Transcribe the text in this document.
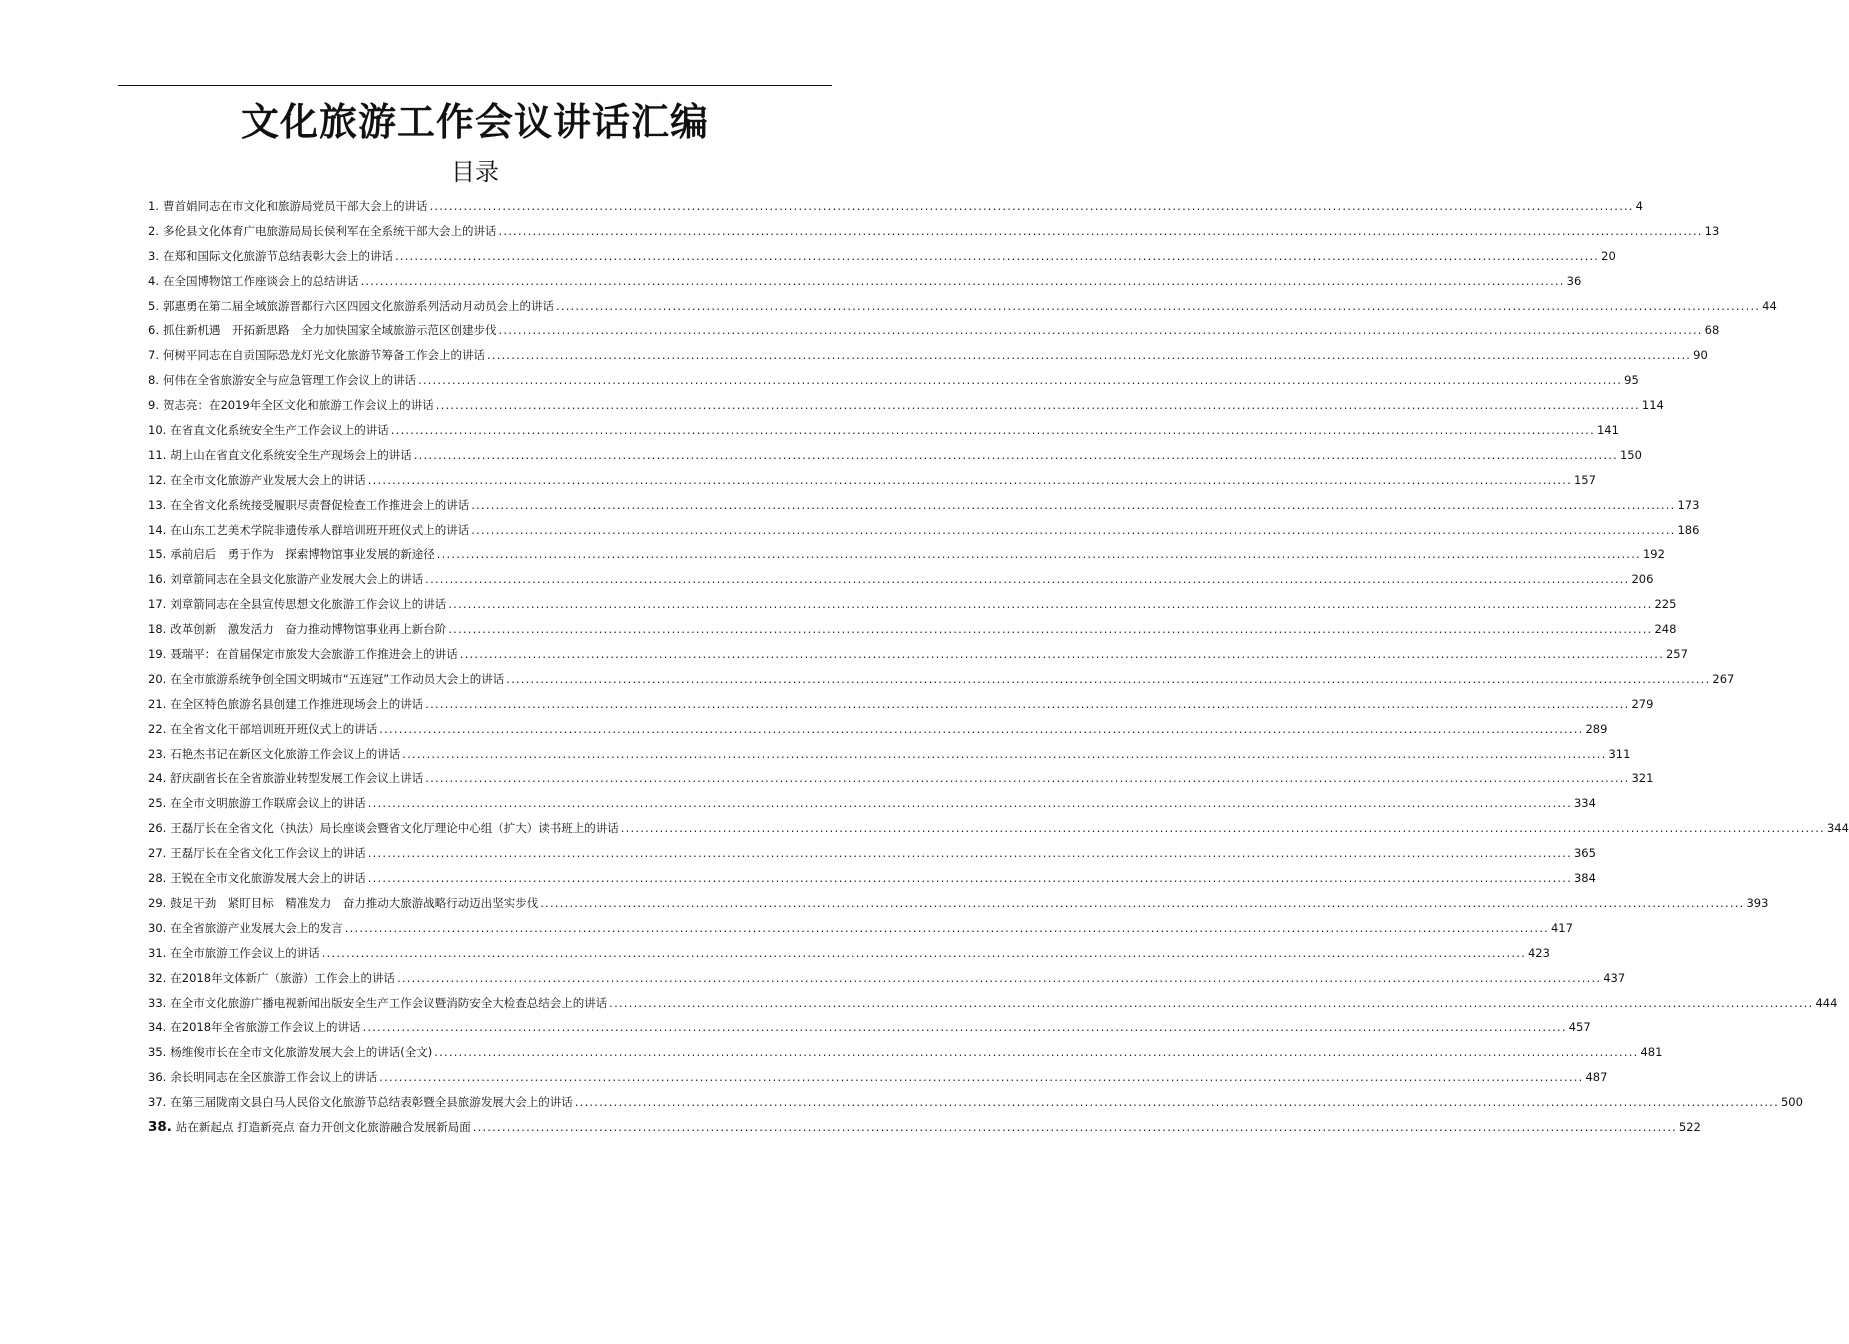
文化旅游工作会议讲话汇编
目录
1. 曹首娟同志在市文化和旅游局党员干部大会上的讲话 .....	4
2. 多伦县文化体育广电旅游局局长侯利军在全系统干部大会上的讲话 .....	13
3. 在郑和国际文化旅游节总结表彰大会上的讲话 .....	20
4. 在全国博物馆工作座谈会上的总结讲话 .....	36
5. 郭惠勇在第二届全域旅游晋都行六区四园文化旅游系列活动月动员会上的讲话 .....	44
6. 抓住新机遇　开拓新思路　全力加快国家全域旅游示范区创建步伐 .....	68
7. 何树平同志在自贡国际恐龙灯光文化旅游节筹备工作会上的讲话 .....	90
8. 何伟在全省旅游安全与应急管理工作会议上的讲话 .....	95
9. 贺志亮：在2019年全区文化和旅游工作会议上的讲话 .....	114
10. 在省直文化系统安全生产工作会议上的讲话 .....	141
11. 胡上山在省直文化系统安全生产现场会上的讲话 .....	150
12. 在全市文化旅游产业发展大会上的讲话 .....	157
13. 在全省文化系统接受履职尽责督促检查工作推进会上的讲话 .....	173
14. 在山东工艺美术学院非遗传承人群培训班开班仪式上的讲话 .....	186
15. 承前启后　勇于作为　探索博物馆事业发展的新途径 .....	192
16. 刘章箭同志在全县文化旅游产业发展大会上的讲话 .....	206
17. 刘章箭同志在全县宣传思想文化旅游工作会议上的讲话 .....	225
18. 改革创新　激发活力　奋力推动博物馆事业再上新台阶 .....	248
19. 聂瑞平：在首届保定市旅发大会旅游工作推进会上的讲话 .....	257
20. 在全市旅游系统争创全国文明城市“五连冠”工作动员大会上的讲话 .....	267
21. 在全区特色旅游名县创建工作推进现场会上的讲话 .....	279
22. 在全省文化干部培训班开班仪式上的讲话 .....	289
23. 石艳杰书记在新区文化旅游工作会议上的讲话 .....	311
24. 舒庆副省长在全省旅游业转型发展工作会议上讲话 .....	321
25. 在全市文明旅游工作联席会议上的讲话 .....	334
26. 王磊厅长在全省文化（执法）局长座谈会暨省文化厅理论中心组（扩大）读书班上的讲话 .....	344
27. 王磊厅长在全省文化工作会议上的讲话 .....	365
28. 王锐在全市文化旅游发展大会上的讲话 .....	384
29. 鼓足干劲　紧盯目标　精准发力　奋力推动大旅游战略行动迈出坚实步伐 .....	393
30. 在全省旅游产业发展大会上的发言 .....	417
31. 在全市旅游工作会议上的讲话 .....	423
32. 在2018年文体新广（旅游）工作会上的讲话 .....	437
33. 在全市文化旅游广播电视新闻出版安全生产工作会议暨消防安全大检查总结会上的讲话 .....	444
34. 在2018年全省旅游工作会议上的讲话 .....	457
35. 杨维俊市长在全市文化旅游发展大会上的讲话(全文) .....	481
36. 余长明同志在全区旅游工作会议上的讲话 .....	487
37. 在第三届陇南文县白马人民俗文化旅游节总结表彰暨全县旅游发展大会上的讲话 .....	500
38. 站在新起点 打造新亮点 奋力开创文化旅游融合发展新局面 .....	522
